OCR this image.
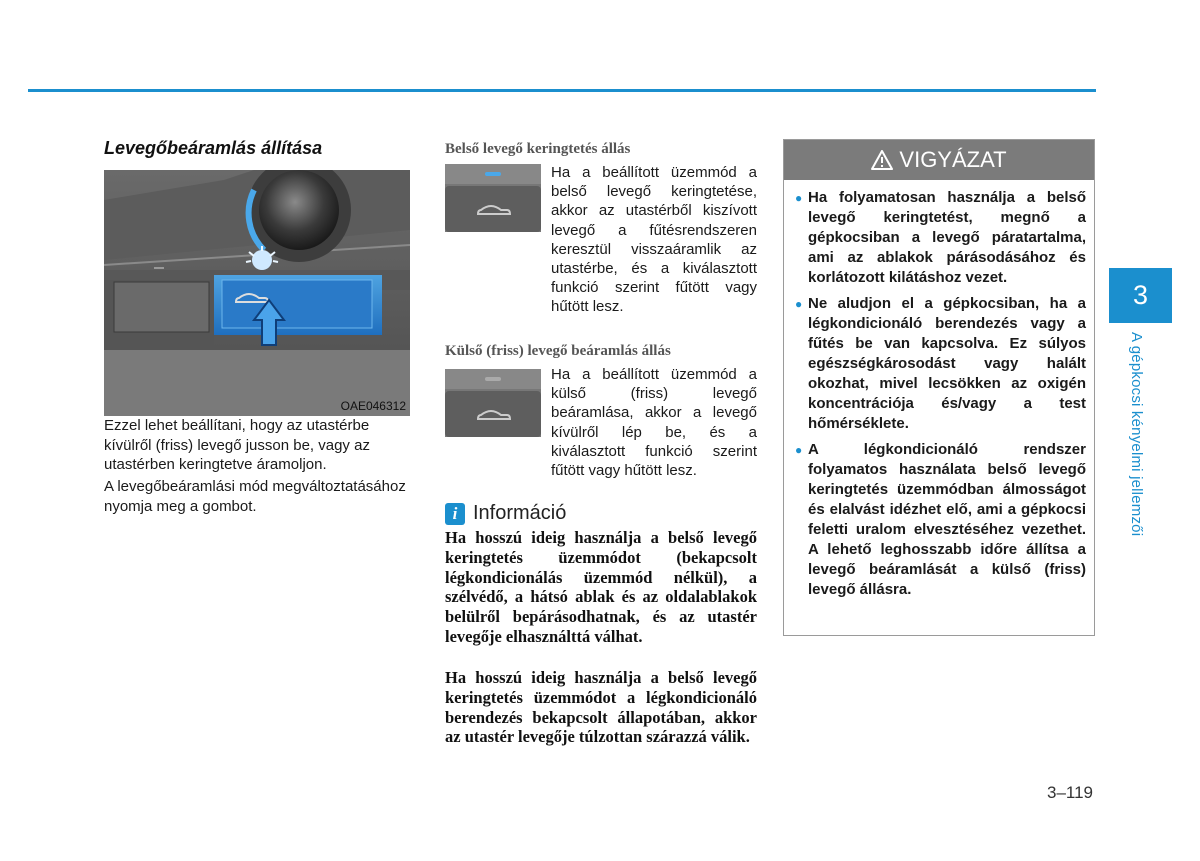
Levegőbeáramlás állítása
OAE046312

Ezzel lehet beállítani, hogy az utastérbe kívülről (friss) levegő jusson be, vagy az utastérben keringtetve áramoljon.

A levegőbeáramlási mód megváltoztatásához nyomja meg a gombot.

Belső levegő keringtetés állás

Ha a beállított üzemmód a belső levegő keringtetése, akkor az utastérből kiszívott levegő a fűtésrendszeren keresztül visszaáramlik az utastérbe, és a kiválasztott funkció szerint fűtött vagy hűtött lesz.

Külső (friss) levegő beáramlás állás

Ha a beállított üzemmód a külső (friss) levegő beáramlása, akkor a levegő kívülről lép be, és a kiválasztott funkció szerint fűtött vagy hűtött lesz.

i Információ

Ha hosszú ideig használja a belső levegő keringtetés üzemmódot (bekapcsolt légkondicionálás üzemmód nélkül), a szélvédő, a hátsó ablak és az oldalablakok belülről bepárásodhatnak, és az utastér levegője elhasználttá válhat.

Ha hosszú ideig használja a belső levegő keringtetés üzemmódot a légkondicionáló berendezés bekapcsolt állapotában, akkor az utastér levegője túlzottan szárazzá válik.

VIGYÁZAT
● Ha folyamatosan használja a belső levegő keringtetést, megnő a gépkocsiban a levegő páratartalma, ami az ablakok párásodásához és korlátozott kilátáshoz vezet.
● Ne aludjon el a gépkocsiban, ha a légkondicionáló berendezés vagy a fűtés be van kapcsolva. Ez súlyos egészségkárosodást vagy halált okozhat, mivel lecsökken az oxigén koncentrációja és/vagy a test hőmérséklete.
● A légkondicionáló rendszer folyamatos használata belső levegő keringtetés üzemmódban álmosságot és elalvást idézhet elő, ami a gépkocsi feletti uralom elvesztéséhez vezethet. A lehető leghosszabb időre állítsa a levegő beáramlását a külső (friss) levegő állásra.
3
A gépkocsi kényelmi jellemzői
3–119
